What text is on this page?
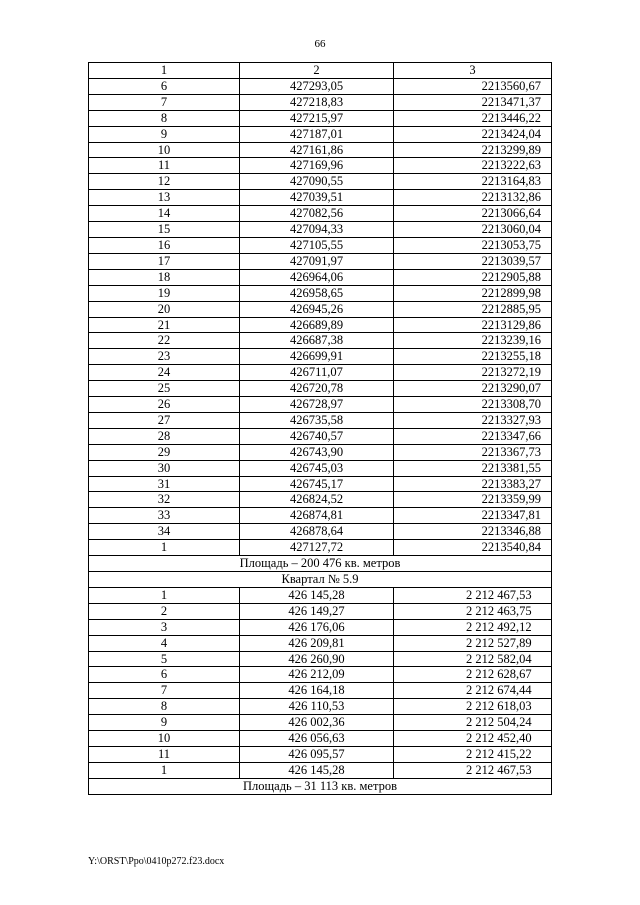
66
1	2	3
6	427293,05	2213560,67
7	427218,83	2213471,37
8	427215,97	2213446,22
9	427187,01	2213424,04
10	427161,86	2213299,89
11	427169,96	2213222,63
12	427090,55	2213164,83
13	427039,51	2213132,86
14	427082,56	2213066,64
15	427094,33	2213060,04
16	427105,55	2213053,75
17	427091,97	2213039,57
18	426964,06	2212905,88
19	426958,65	2212899,98
20	426945,26	2212885,95
21	426689,89	2213129,86
22	426687,38	2213239,16
23	426699,91	2213255,18
24	426711,07	2213272,19
25	426720,78	2213290,07
26	426728,97	2213308,70
27	426735,58	2213327,93
28	426740,57	2213347,66
29	426743,90	2213367,73
30	426745,03	2213381,55
31	426745,17	2213383,27
32	426824,52	2213359,99
33	426874,81	2213347,81
34	426878,64	2213346,88
1	427127,72	2213540,84
Площадь – 200 476 кв. метров		
Квартал № 5.9		
1	426 145,28	2 212 467,53
2	426 149,27	2 212 463,75
3	426 176,06	2 212 492,12
4	426 209,81	2 212 527,89
5	426 260,90	2 212 582,04
6	426 212,09	2 212 628,67
7	426 164,18	2 212 674,44
8	426 110,53	2 212 618,03
9	426 002,36	2 212 504,24
10	426 056,63	2 212 452,40
11	426 095,57	2 212 415,22
1	426 145,28	2 212 467,53
Площадь – 31 113 кв. метров		
Y:\ORST\Ppo\0410p272.f23.docx
